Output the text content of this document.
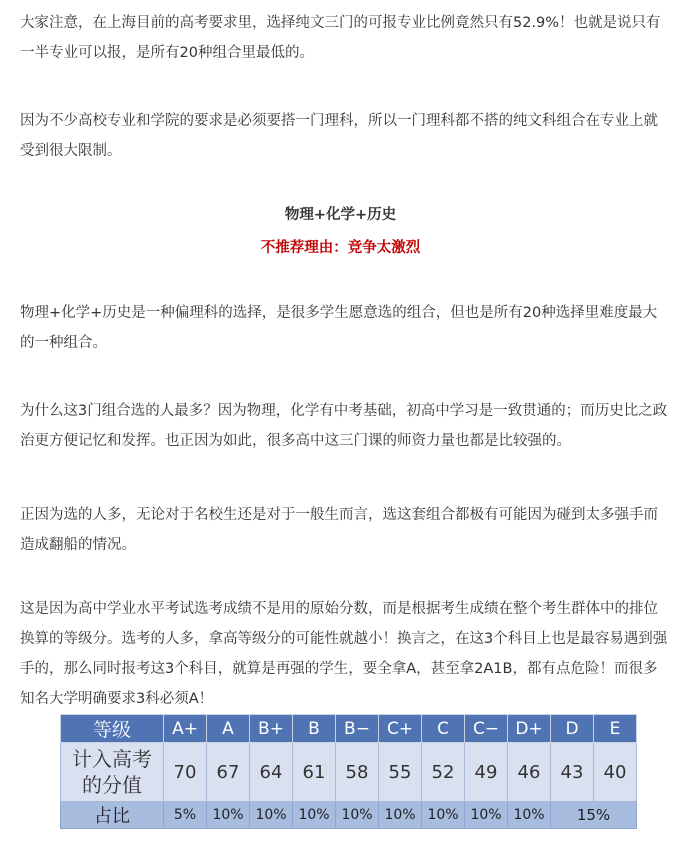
大家注意，在上海目前的高考要求里，选择纯文三门的可报专业比例竟然只有52.9%！也就是说只有一半专业可以报，是所有20种组合里最低的。

因为不少高校专业和学院的要求是必须要搭一门理科，所以一门理科都不搭的纯文科组合在专业上就受到很大限制。

物理+化学+历史

不推荐理由：竞争太激烈

物理+化学+历史是一种偏理科的选择，是很多学生愿意选的组合，但也是所有20种选择里难度最大的一种组合。

为什么这3门组合选的人最多？因为物理，化学有中考基础，初高中学习是一致贯通的；而历史比之政治更方便记忆和发挥。也正因为如此，很多高中这三门课的师资力量也都是比较强的。

正因为选的人多，无论对于名校生还是对于一般生而言，选这套组合都极有可能因为碰到太多强手而造成翻船的情况。

这是因为高中学业水平考试选考成绩不是用的原始分数，而是根据考生成绩在整个考生群体中的排位换算的等级分。选考的人多，拿高等级分的可能性就越小！换言之，在这3个科目上也是最容易遇到强手的，那么同时报考这3个科目，就算是再强的学生，要全拿A，甚至拿2A1B，都有点危险！而很多知名大学明确要求3科必须A！

等级	A+	A	B+	B	B−	C+	C	C−	D+	D	E
计入高考
的分值	70	67	64	61	58	55	52	49	46	43	40
占比	5%	10%	10%	10%	10%	10%	10%	10%	10%	15%	
